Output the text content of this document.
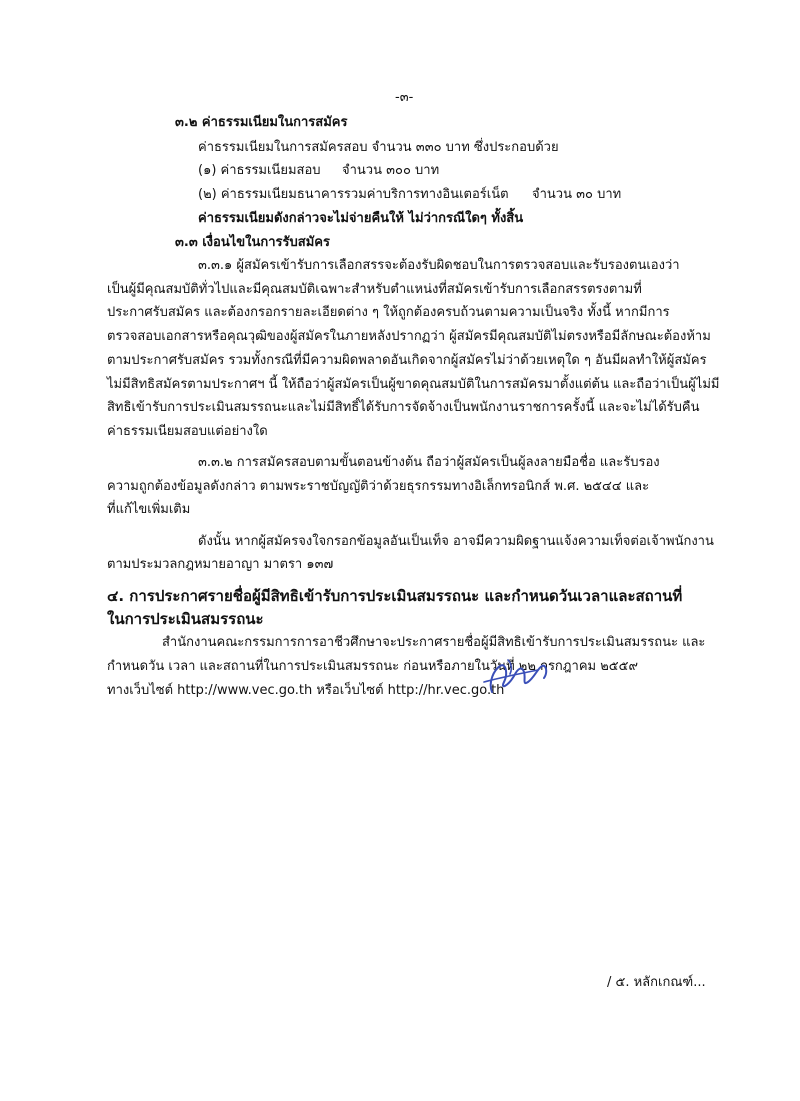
-๓-

๓.๒ ค่าธรรมเนียมในการสมัคร

ค่าธรรมเนียมในการสมัครสอบ จำนวน ๓๓๐ บาท ซึ่งประกอบด้วย

(๑) ค่าธรรมเนียมสอบ จำนวน ๓๐๐ บาท

(๒) ค่าธรรมเนียมธนาคารรวมค่าบริการทางอินเตอร์เน็ต จำนวน ๓๐ บาท

ค่าธรรมเนียมดังกล่าวจะไม่จ่ายคืนให้ ไม่ว่ากรณีใดๆ ทั้งสิ้น

๓.๓ เงื่อนไขในการรับสมัคร

๓.๓.๑ ผู้สมัครเข้ารับการเลือกสรรจะต้องรับผิดชอบในการตรวจสอบและรับรองตนเองว่า

เป็นผู้มีคุณสมบัติทั่วไปและมีคุณสมบัติเฉพาะสำหรับตำแหน่งที่สมัครเข้ารับการเลือกสรรตรงตามที่

ประกาศรับสมัคร และต้องกรอกรายละเอียดต่าง ๆ ให้ถูกต้องครบถ้วนตามความเป็นจริง ทั้งนี้ หากมีการ

ตรวจสอบเอกสารหรือคุณวุฒิของผู้สมัครในภายหลังปรากฏว่า ผู้สมัครมีคุณสมบัติไม่ตรงหรือมีลักษณะต้องห้าม

ตามประกาศรับสมัคร รวมทั้งกรณีที่มีความผิดพลาดอันเกิดจากผู้สมัครไม่ว่าด้วยเหตุใด ๆ อันมีผลทำให้ผู้สมัคร

ไม่มีสิทธิสมัครตามประกาศฯ นี้ ให้ถือว่าผู้สมัครเป็นผู้ขาดคุณสมบัติในการสมัครมาตั้งแต่ต้น และถือว่าเป็นผู้ไม่มี

สิทธิเข้ารับการประเมินสมรรถนะและไม่มีสิทธิ์ได้รับการจัดจ้างเป็นพนักงานราชการครั้งนี้ และจะไม่ได้รับคืน

ค่าธรรมเนียมสอบแต่อย่างใด

๓.๓.๒ การสมัครสอบตามขั้นตอนข้างต้น ถือว่าผู้สมัครเป็นผู้ลงลายมือชื่อ และรับรอง

ความถูกต้องข้อมูลดังกล่าว ตามพระราชบัญญัติว่าด้วยธุรกรรมทางอิเล็กทรอนิกส์ พ.ศ. ๒๕๔๔ และ

ที่แก้ไขเพิ่มเติม

ดังนั้น หากผู้สมัครจงใจกรอกข้อมูลอันเป็นเท็จ อาจมีความผิดฐานแจ้งความเท็จต่อเจ้าพนักงาน

ตามประมวลกฎหมายอาญา มาตรา ๑๓๗

๔. การประกาศรายชื่อผู้มีสิทธิเข้ารับการประเมินสมรรถนะ และกำหนดวันเวลาและสถานที่

ในการประเมินสมรรถนะ

สำนักงานคณะกรรมการการอาชีวศึกษาจะประกาศรายชื่อผู้มีสิทธิเข้ารับการประเมินสมรรถนะ และ

กำหนดวัน เวลา และสถานที่ในการประเมินสมรรถนะ ก่อนหรือภายในวันที่ ๒๒ กรกฎาคม ๒๕๕๙

ทางเว็บไซต์ http://www.vec.go.th หรือเว็บไซต์ http://hr.vec.go.th

/ ๕. หลักเกณฑ์...
